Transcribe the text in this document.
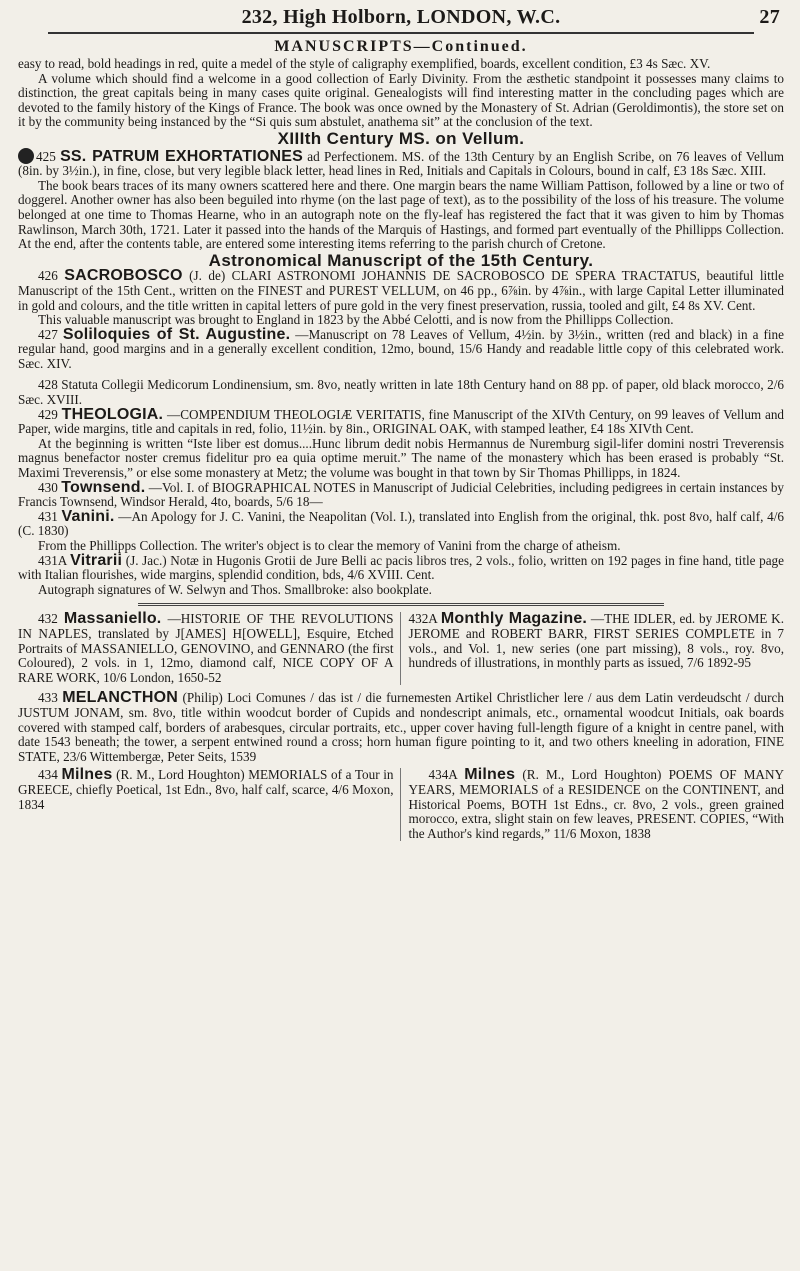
232, High Holborn, LONDON, W.C.	27
MANUSCRIPTS—Continued.

easy to read, bold headings in red, quite a medel of the style of caligraphy exemplified, boards, excellent condition, £3 4s Sæc. XV.

A volume which should find a welcome in a good collection of Early Divinity. From the æsthetic standpoint it possesses many claims to distinction, the great capitals being in many cases quite original. Genealogists will find interesting matter in the concluding pages which are devoted to the family history of the Kings of France. The book was once owned by the Monastery of St. Adrian (Geroldimontis), the store set on it by the community being instanced by the “Si quis sum abstulet, anathema sit” at the conclusion of the text.

XIIIth Century MS. on Vellum.

425 SS. PATRUM EXHORTATIONES ad Perfectionem. MS. of the 13th Century by an English Scribe, on 76 leaves of Vellum (8in. by 3½in.), in fine, close, but very legible black letter, head lines in Red, Initials and Capitals in Colours, bound in calf, £3 18s Sæc. XIII.

The book bears traces of its many owners scattered here and there. One margin bears the name William Pattison, followed by a line or two of doggerel. Another owner has also been beguiled into rhyme (on the last page of text), as to the possibility of the loss of his treasure. The volume belonged at one time to Thomas Hearne, who in an autograph note on the fly-leaf has registered the fact that it was given to him by Thomas Rawlinson, March 30th, 1721. Later it passed into the hands of the Marquis of Hastings, and formed part eventually of the Phillipps Collection. At the end, after the contents table, are entered some interesting items referring to the parish church of Cretone.

Astronomical Manuscript of the 15th Century.

426 SACROBOSCO (J. de) CLARI ASTRONOMI JOHANNIS DE SACROBOSCO DE SPERA TRACTATUS, beautiful little Manuscript of the 15th Cent., written on the FINEST and PUREST VELLUM, on 46 pp., 6⅞in. by 4⅞in., with large Capital Letter illuminated in gold and colours, and the title written in capital letters of pure gold in the very finest preservation, russia, tooled and gilt, £4 8s XV. Cent.

This valuable manuscript was brought to England in 1823 by the Abbé Celotti, and is now from the Phillipps Collection.

427 Soliloquies of St. Augustine. —Manuscript on 78 Leaves of Vellum, 4½in. by 3½in., written (red and black) in a fine regular hand, good margins and in a generally excellent condition, 12mo, bound, 15/6 Handy and readable little copy of this celebrated work. Sæc. XIV.

428 Statuta Collegii Medicorum Londinensium, sm. 8vo, neatly written in late 18th Century hand on 88 pp. of paper, old black morocco, 2/6 Sæc. XVIII.

429 THEOLOGIA. —COMPENDIUM THEOLOGIÆ VERITATIS, fine Manuscript of the XIVth Century, on 99 leaves of Vellum and Paper, wide margins, title and capitals in red, folio, 11½in. by 8in., ORIGINAL OAK, with stamped leather, £4 18s XIVth Cent.

At the beginning is written “Iste liber est domus....Hunc librum dedit nobis Hermannus de Nuremburg sigil-lifer domini nostri Treverensis magnus benefactor noster cremus fidelitur pro ea quia optime meruit.” The name of the monastery which has been erased is probably “St. Maximi Treverensis,” or else some monastery at Metz; the volume was bought in that town by Sir Thomas Phillipps, in 1824.

430 Townsend. —Vol. I. of BIOGRAPHICAL NOTES in Manuscript of Judicial Celebrities, including pedigrees in certain instances by Francis Townsend, Windsor Herald, 4to, boards, 5/6 18—

431 Vanini. —An Apology for J. C. Vanini, the Neapolitan (Vol. I.), translated into English from the original, thk. post 8vo, half calf, 4/6 (C. 1830)

From the Phillipps Collection. The writer's object is to clear the memory of Vanini from the charge of atheism.

431A Vitrarii (J. Jac.) Notæ in Hugonis Grotii de Jure Belli ac pacis libros tres, 2 vols., folio, written on 192 pages in fine hand, title page with Italian flourishes, wide margins, splendid condition, bds, 4/6 XVIII. Cent.

Autograph signatures of W. Selwyn and Thos. Smallbroke: also bookplate.

432 Massaniello. —HISTORIE OF THE REVOLUTIONS IN NAPLES, translated by J[AMES] H[OWELL], Esquire, Etched Portraits of MASSANIELLO, GENOVINO, and GENNARO (the first Coloured), 2 vols. in 1, 12mo, diamond calf, NICE COPY OF A RARE WORK, 10/6 London, 1650-52

432A Monthly Magazine. —THE IDLER, ed. by JEROME K. JEROME and ROBERT BARR, FIRST SERIES COMPLETE in 7 vols., and Vol. 1, new series (one part missing), 8 vols., roy. 8vo, hundreds of illustrations, in monthly parts as issued, 7/6 1892-95

433 MELANCTHON (Philip) Loci Comunes / das ist / die furnemesten Artikel Christlicher lere / aus dem Latin verdeudscht / durch JUSTUM JONAM, sm. 8vo, title within woodcut border of Cupids and nondescript animals, etc., ornamental woodcut Initials, oak boards covered with stamped calf, borders of arabesques, circular portraits, etc., upper cover having full-length figure of a knight in centre panel, with date 1543 beneath; the tower, a serpent entwined round a cross; horn human figure pointing to it, and two others kneeling in adoration, FINE STATE, 23/6 Wittembergæ, Peter Seits, 1539

434 Milnes (R. M., Lord Houghton) MEMORIALS of a Tour in GREECE, chiefly Poetical, 1st Edn., 8vo, half calf, scarce, 4/6 Moxon, 1834

434A Milnes (R. M., Lord Houghton) POEMS OF MANY YEARS, MEMORIALS of a RESIDENCE on the CONTINENT, and Historical Poems, BOTH 1st Edns., cr. 8vo, 2 vols., green grained morocco, extra, slight stain on few leaves, PRESENT. COPIES, “With the Author's kind regards,” 11/6 Moxon, 1838
